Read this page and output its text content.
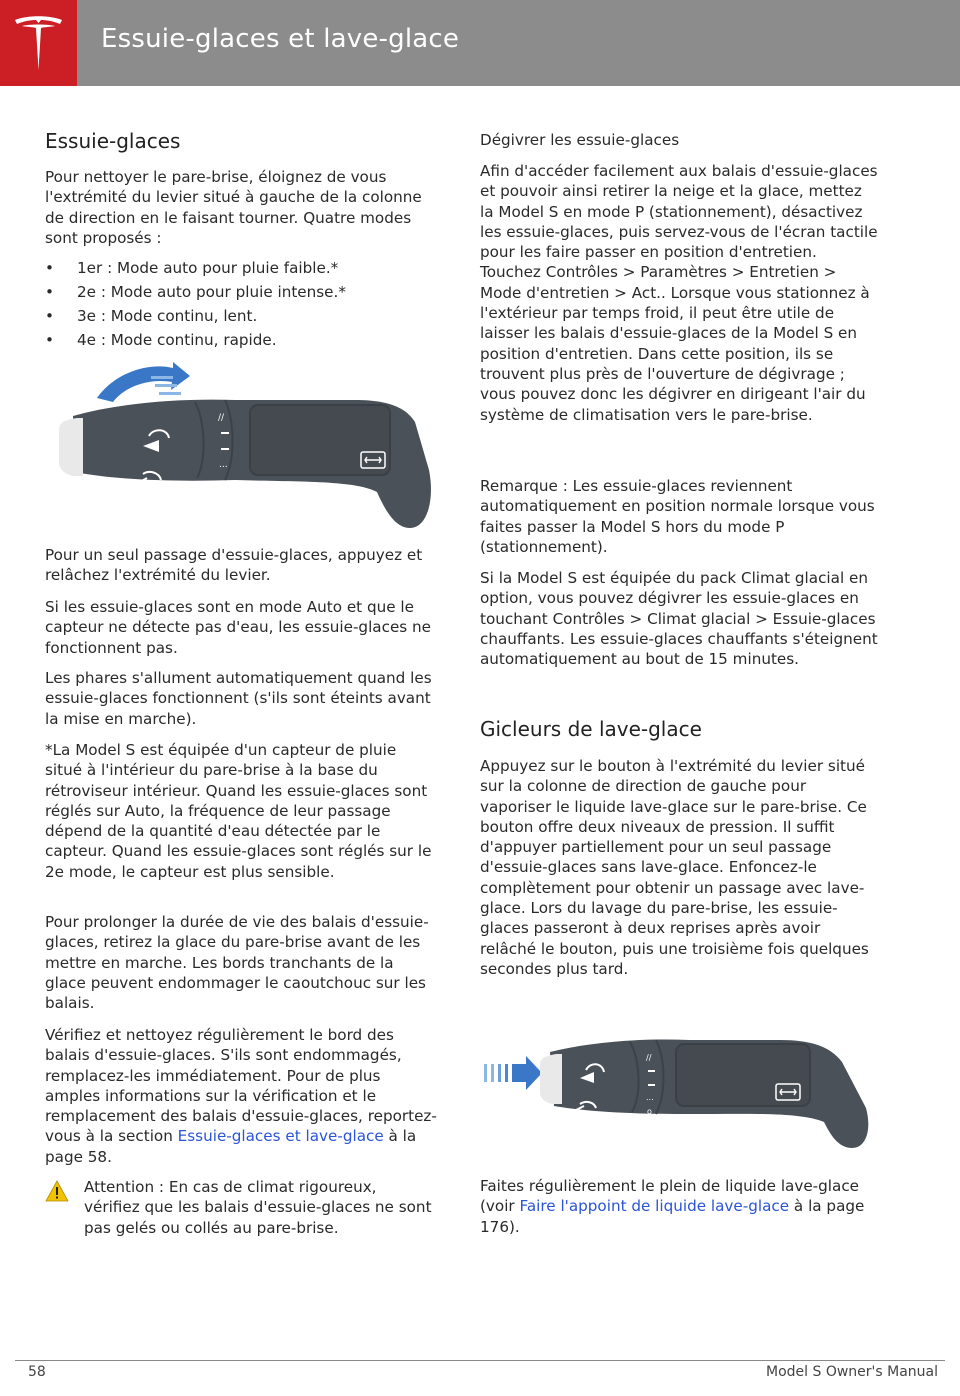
Essuie-glaces et lave-glace
Essuie-glaces

Pour nettoyer le pare-brise, éloignez de vous l'extrémité du levier situé à gauche de la colonne de direction en le faisant tourner. Quatre modes sont proposés :

• 1er : Mode auto pour pluie faible.*
• 2e : Mode auto pour pluie intense.*
• 3e : Mode continu, lent.
• 4e : Mode continu, rapide.
∕∕
...
o

Pour un seul passage d'essuie-glaces, appuyez et relâchez l'extrémité du levier.

Si les essuie-glaces sont en mode Auto et que le capteur ne détecte pas d'eau, les essuie-glaces ne fonctionnent pas.

Les phares s'allument automatiquement quand les essuie-glaces fonctionnent (s'ils sont éteints avant la mise en marche).

*La Model S est équipée d'un capteur de pluie situé à l'intérieur du pare-brise à la base du rétroviseur intérieur. Quand les essuie-glaces sont réglés sur Auto, la fréquence de leur passage dépend de la quantité d'eau détectée par le capteur. Quand les essuie-glaces sont réglés sur le 2e mode, le capteur est plus sensible.

Pour prolonger la durée de vie des balais d'essuie-glaces, retirez la glace du pare-brise avant de les mettre en marche. Les bords tranchants de la glace peuvent endommager le caoutchouc sur les balais.

Vérifiez et nettoyez régulièrement le bord des balais d'essuie-glaces. S'ils sont endommagés, remplacez-les immédiatement. Pour de plus amples informations sur la vérification et le remplacement des balais d'essuie-glaces, reportez-vous à la section Essuie-glaces et lave-glace à la page 58.

Attention : En cas de climat rigoureux, vérifiez que les balais d'essuie-glaces ne sont pas gelés ou collés au pare-brise.

Dégivrer les essuie-glaces

Afin d'accéder facilement aux balais d'essuie-glaces et pouvoir ainsi retirer la neige et la glace, mettez la Model S en mode P (stationnement), désactivez les essuie-glaces, puis servez-vous de l'écran tactile pour les faire passer en position d'entretien. Touchez Contrôles > Paramètres > Entretien > Mode d'entretien > Act.. Lorsque vous stationnez à l'extérieur par temps froid, il peut être utile de laisser les balais d'essuie-glaces de la Model S en position d'entretien. Dans cette position, ils se trouvent plus près de l'ouverture de dégivrage ; vous pouvez donc les dégivrer en dirigeant l'air du système de climatisation vers le pare-brise.

Remarque : Les essuie-glaces reviennent automatiquement en position normale lorsque vous faites passer la Model S hors du mode P (stationnement).

Si la Model S est équipée du pack Climat glacial en option, vous pouvez dégivrer les essuie-glaces en touchant Contrôles > Climat glacial > Essuie-glaces chauffants. Les essuie-glaces chauffants s'éteignent automatiquement au bout de 15 minutes.

Gicleurs de lave-glace

Appuyez sur le bouton à l'extrémité du levier situé sur la colonne de direction de gauche pour vaporiser le liquide lave-glace sur le pare-brise. Ce bouton offre deux niveaux de pression. Il suffit d'appuyer partiellement pour un seul passage d'essuie-glaces sans lave-glace. Enfoncez-le complètement pour obtenir un passage avec lave-glace. Lors du lavage du pare-brise, les essuie-glaces passeront à deux reprises après avoir relâché le bouton, puis une troisième fois quelques secondes plus tard.

∕∕
...
o

Faites régulièrement le plein de liquide lave-glace (voir Faire l'appoint de liquide lave-glace à la page 176).

58	Model S Owner's Manual
